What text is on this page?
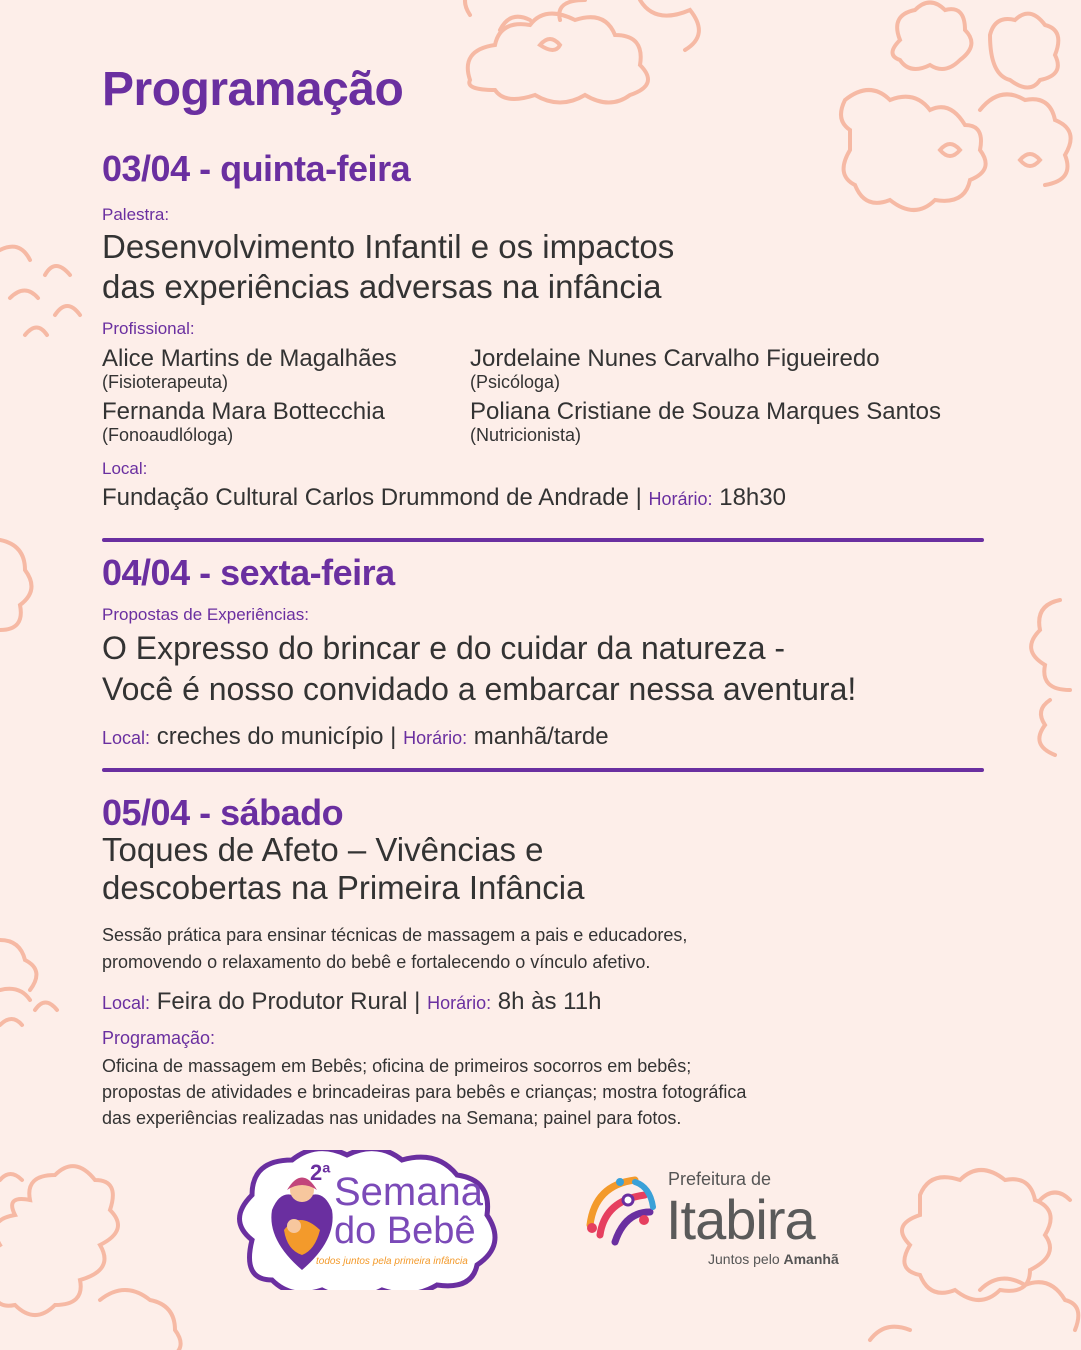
Programação
03/04 - quinta-feira
Palestra:
Desenvolvimento Infantil e os impactos
das experiências adversas na infância
Profissional:
Alice Martins de Magalhães
(Fisioterapeuta)
Jordelaine Nunes Carvalho Figueiredo
(Psicóloga)
Fernanda Mara Bottecchia
(Fonoaudlóloga)
Poliana Cristiane de Souza Marques Santos
(Nutricionista)
Local:
Fundação Cultural Carlos Drummond de Andrade | Horário: 18h30
04/04 - sexta-feira
Propostas de Experiências:
O Expresso do brincar e do cuidar da natureza -
Você é nosso convidado a embarcar nessa aventura!
Local: creches do município | Horário: manhã/tarde
05/04 - sábado
Toques de Afeto – Vivências e
descobertas na Primeira Infância
Sessão prática para ensinar técnicas de massagem a pais e educadores,
promovendo o relaxamento do bebê e fortalecendo o vínculo afetivo.
Local: Feira do Produtor Rural | Horário: 8h às 11h
Programação:
Oficina de massagem em Bebês; oficina de primeiros socorros em bebês;
propostas de atividades e brincadeiras para bebês e crianças; mostra fotográfica
das experiências realizadas nas unidades na Semana; painel para fotos.
2ª Semana
do Bebê
todos juntos pela primeira infância
Prefeitura de
Itabira
Juntos pelo Amanhã
